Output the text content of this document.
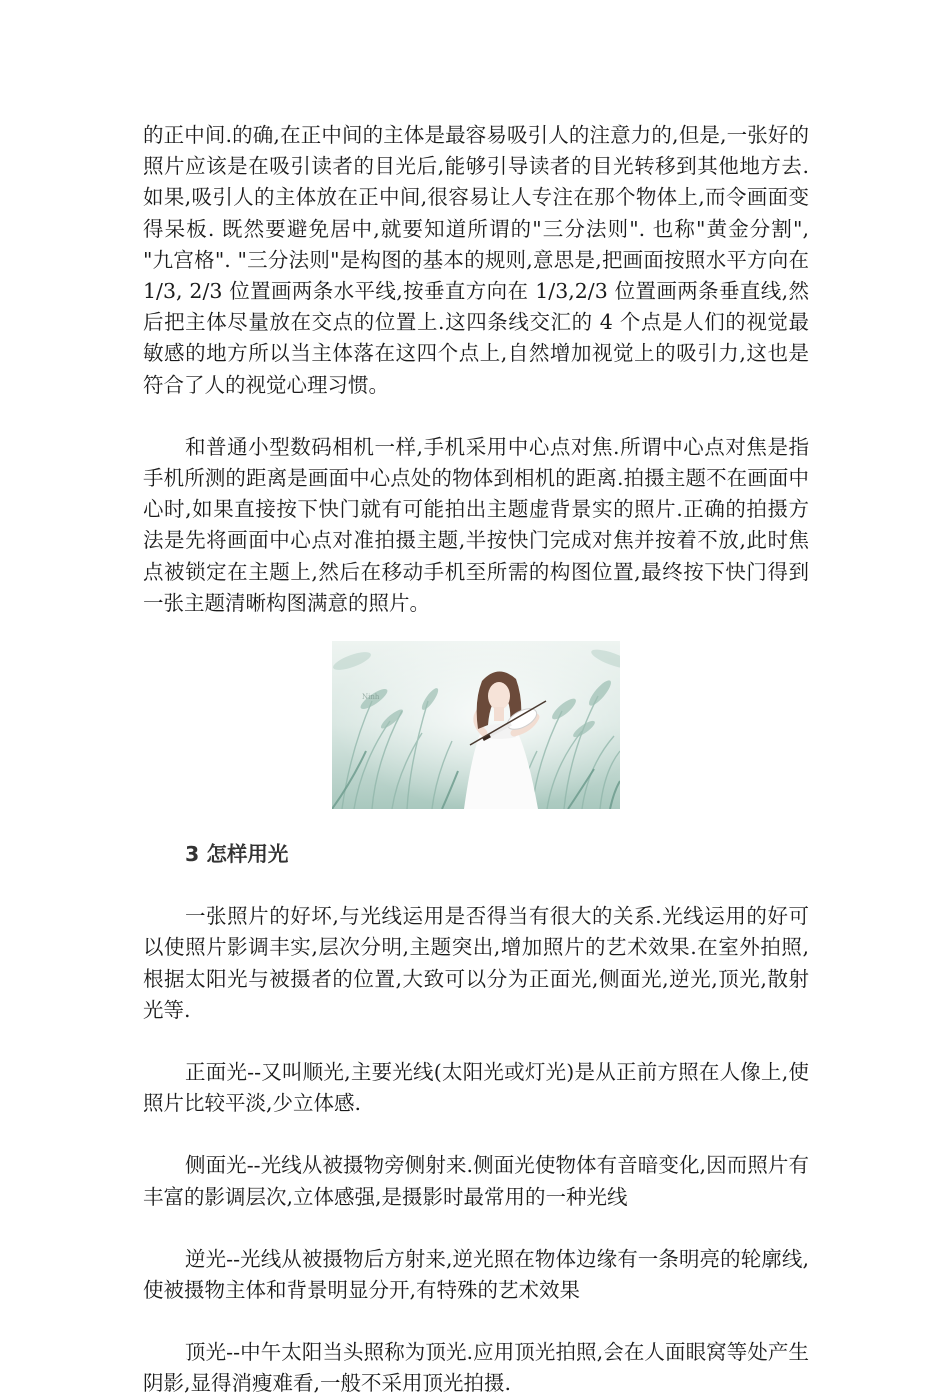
的正中间.的确,在正中间的主体是最容易吸引人的注意力的,但是,一张好的照片应该是在吸引读者的目光后,能够引导读者的目光转移到其他地方去.如果,吸引人的主体放在正中间,很容易让人专注在那个物体上,而令画面变得呆板. 既然要避免居中,就要知道所谓的"三分法则". 也称"黄金分割", "九宫格". "三分法则"是构图的基本的规则,意思是,把画面按照水平方向在 1/3, 2/3 位置画两条水平线,按垂直方向在 1/3,2/3 位置画两条垂直线,然后把主体尽量放在交点的位置上.这四条线交汇的 4 个点是人们的视觉最敏感的地方所以当主体落在这四个点上,自然增加视觉上的吸引力,这也是符合了人的视觉心理习惯。

和普通小型数码相机一样,手机采用中心点对焦.所谓中心点对焦是指手机所测的距离是画面中心点处的物体到相机的距离.拍摄主题不在画面中心时,如果直接按下快门就有可能拍出主题虚背景实的照片.正确的拍摄方法是先将画面中心点对准拍摄主题,半按快门完成对焦并按着不放,此时焦点被锁定在主题上,然后在移动手机至所需的构图位置,最终按下快门得到一张主题清晰构图满意的照片。

Ninh

3 怎样用光

一张照片的好坏,与光线运用是否得当有很大的关系.光线运用的好可以使照片影调丰实,层次分明,主题突出,增加照片的艺术效果.在室外拍照,根据太阳光与被摄者的位置,大致可以分为正面光,侧面光,逆光,顶光,散射光等.

正面光--又叫顺光,主要光线(太阳光或灯光)是从正前方照在人像上,使照片比较平淡,少立体感.

侧面光--光线从被摄物旁侧射来.侧面光使物体有音暗变化,因而照片有丰富的影调层次,立体感强,是摄影时最常用的一种光线

逆光--光线从被摄物后方射来,逆光照在物体边缘有一条明亮的轮廓线,使被摄物主体和背景明显分开,有特殊的艺术效果

顶光--中午太阳当头照称为顶光.应用顶光拍照,会在人面眼窝等处产生阴影,显得消瘦难看,一般不采用顶光拍摄.
